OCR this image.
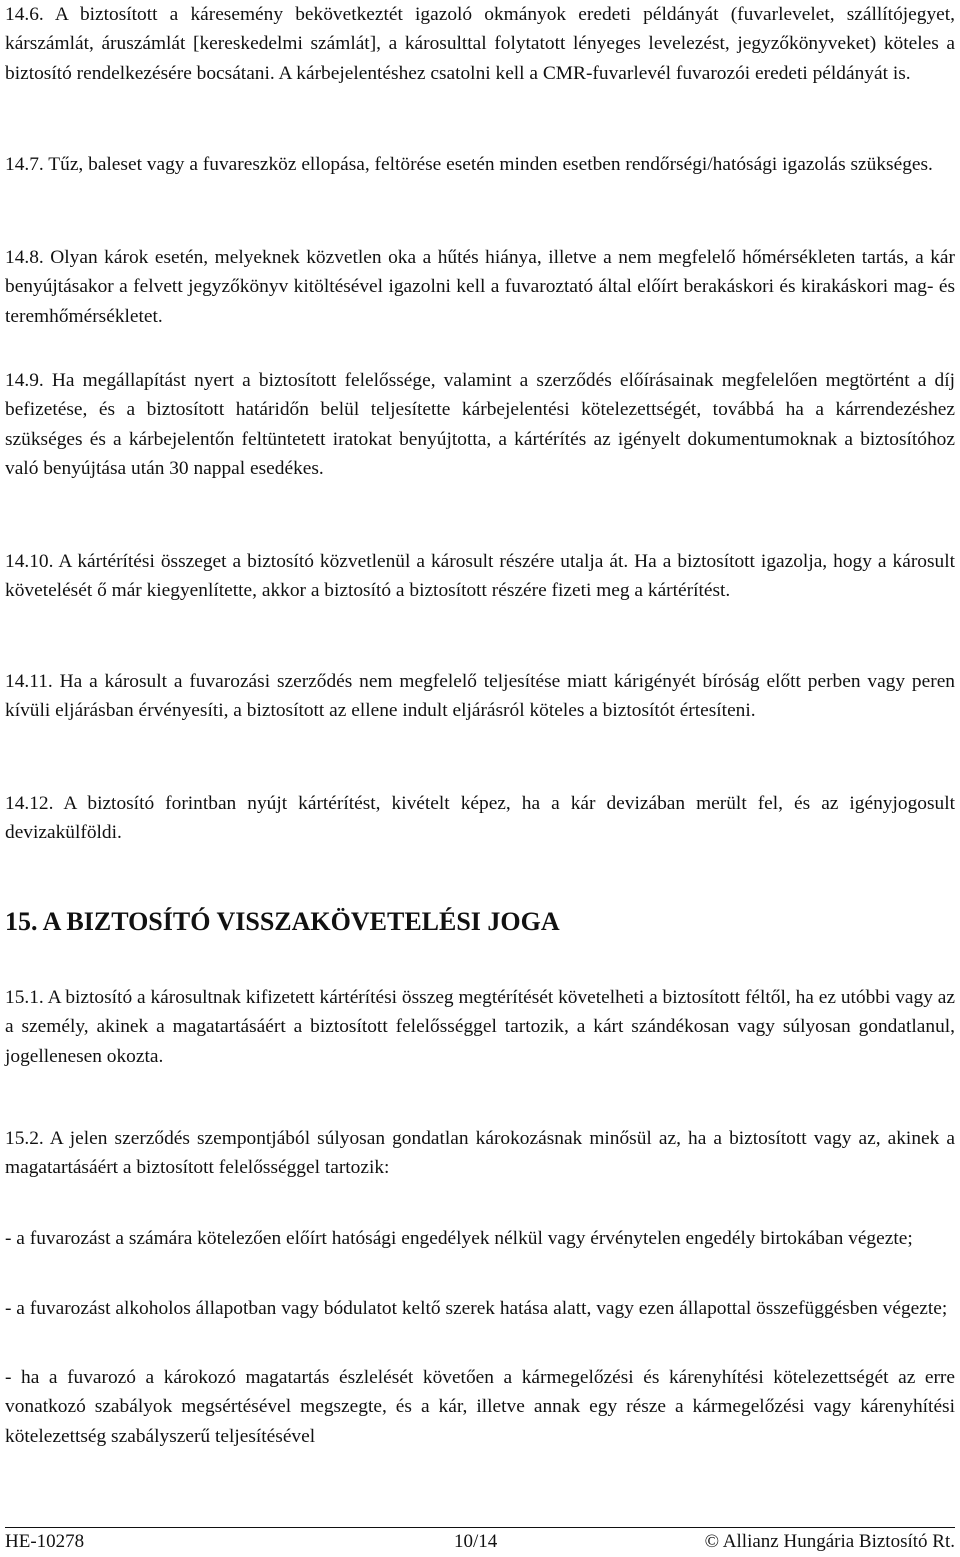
14.6. A biztosított a káresemény bekövetkeztét igazoló okmányok eredeti példányát (fuvarlevelet, szállítójegyet, kárszámlát, áruszámlát [kereskedelmi számlát], a károsulttal folytatott lényeges levelezést, jegyzőkönyveket) köteles a biztosító rendelkezésére bocsátani. A kárbejelentéshez csatolni kell a CMR-fuvarlevél fuvarozói eredeti példányát is.

14.7. Tűz, baleset vagy a fuvareszköz ellopása, feltörése esetén minden esetben rendőrségi/hatósági igazolás szükséges.

14.8. Olyan károk esetén, melyeknek közvetlen oka a hűtés hiánya, illetve a nem megfelelő hőmérsékleten tartás, a kár benyújtásakor a felvett jegyzőkönyv kitöltésével igazolni kell a fuvaroztató által előírt berakáskori és kirakáskori mag- és teremhőmérsékletet.

14.9. Ha megállapítást nyert a biztosított felelőssége, valamint a szerződés előírásainak megfelelően megtörtént a díj befizetése, és a biztosított határidőn belül teljesítette kárbejelentési kötelezettségét, továbbá ha a kárrendezéshez szükséges és a kárbejelentőn feltüntetett iratokat benyújtotta, a kártérítés az igényelt dokumentumoknak a biztosítóhoz való benyújtása után 30 nappal esedékes.

14.10. A kártérítési összeget a biztosító közvetlenül a károsult részére utalja át. Ha a biztosított igazolja, hogy a károsult követelését ő már kiegyenlítette, akkor a biztosító a biztosított részére fizeti meg a kártérítést.

14.11. Ha a károsult a fuvarozási szerződés nem megfelelő teljesítése miatt kárigényét bíróság előtt perben vagy peren kívüli eljárásban érvényesíti, a biztosított az ellene indult eljárásról köteles a biztosítót értesíteni.

14.12. A biztosító forintban nyújt kártérítést, kivételt képez, ha a kár devizában merült fel, és az igényjogosult devizakülföldi.

15. A BIZTOSÍTÓ VISSZAKÖVETELÉSI JOGA

15.1. A biztosító a károsultnak kifizetett kártérítési összeg megtérítését követelheti a biztosított féltől, ha ez utóbbi vagy az a személy, akinek a magatartásáért a biztosított felelősséggel tartozik, a kárt szándékosan vagy súlyosan gondatlanul, jogellenesen okozta.

15.2. A jelen szerződés szempontjából súlyosan gondatlan károkozásnak minősül az, ha a biztosított vagy az, akinek a magatartásáért a biztosított felelősséggel tartozik:

- a fuvarozást a számára kötelezően előírt hatósági engedélyek nélkül vagy érvénytelen engedély birtokában végezte;

- a fuvarozást alkoholos állapotban vagy bódulatot keltő szerek hatása alatt, vagy ezen állapottal összefüggésben végezte;

- ha a fuvarozó a károkozó magatartás észlelését követően a kármegelőzési és kárenyhítési kötelezettségét az erre vonatkozó szabályok megsértésével megszegte, és a kár, illetve annak egy része a kármegelőzési vagy kárenyhítési kötelezettség szabályszerű teljesítésével

HE-10278	10/14	© Allianz Hungária Biztosító Rt.
